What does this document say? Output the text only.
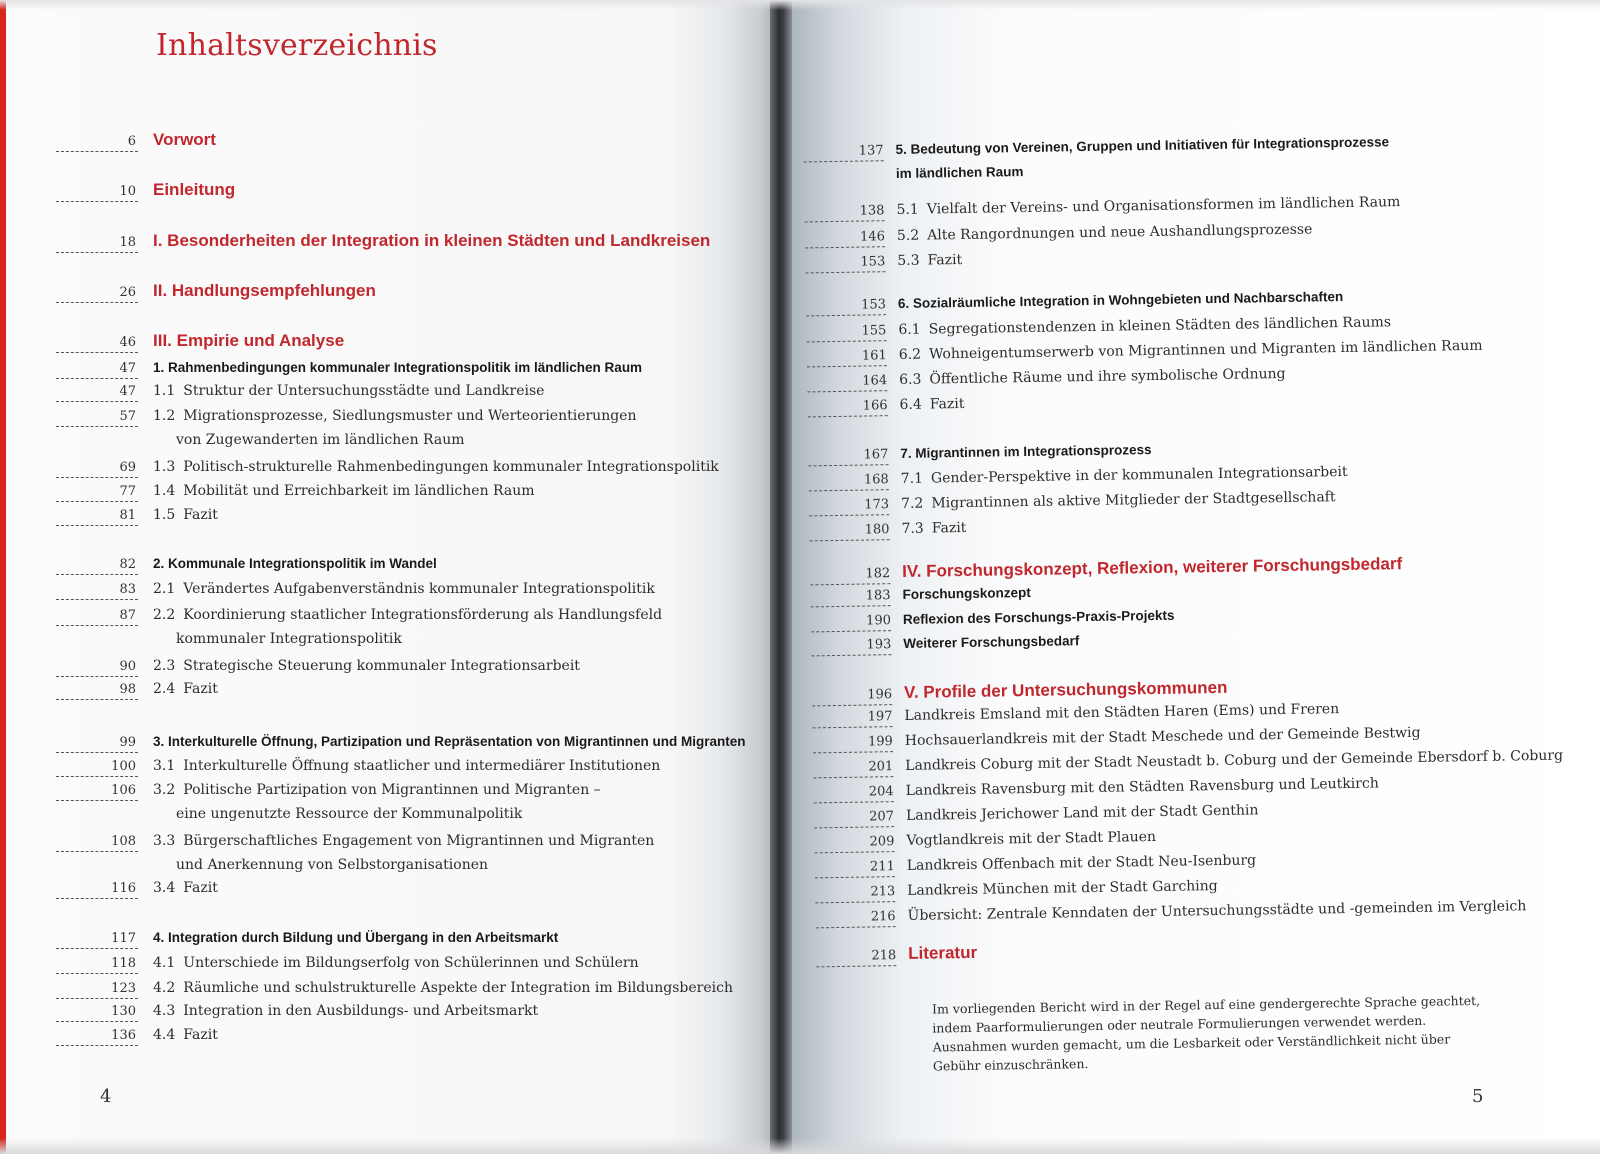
Inhaltsverzeichnis
6 Vorwort
10 Einleitung
18 I. Besonderheiten der Integration in kleinen Städten und Landkreisen
26 II. Handlungsempfehlungen
46 III. Empirie und Analyse
47 1. Rahmenbedingungen kommunaler Integrationspolitik im ländlichen Raum
47 1.1 Struktur der Untersuchungsstädte und Landkreise
57 1.2 Migrationsprozesse, Siedlungsmuster und Werteorientierungen
von Zugewanderten im ländlichen Raum
69 1.3 Politisch-strukturelle Rahmenbedingungen kommunaler Integrationspolitik
77 1.4 Mobilität und Erreichbarkeit im ländlichen Raum
81 1.5 Fazit
82 2. Kommunale Integrationspolitik im Wandel
83 2.1 Verändertes Aufgabenverständnis kommunaler Integrationspolitik
87 2.2 Koordinierung staatlicher Integrationsförderung als Handlungsfeld
kommunaler Integrationspolitik
90 2.3 Strategische Steuerung kommunaler Integrationsarbeit
98 2.4 Fazit
99 3. Interkulturelle Öffnung, Partizipation und Repräsentation von Migrantinnen und Migranten
100 3.1 Interkulturelle Öffnung staatlicher und intermediärer Institutionen
106 3.2 Politische Partizipation von Migrantinnen und Migranten –
eine ungenutzte Ressource der Kommunalpolitik
108 3.3 Bürgerschaftliches Engagement von Migrantinnen und Migranten
und Anerkennung von Selbstorganisationen
116 3.4 Fazit
117 4. Integration durch Bildung und Übergang in den Arbeitsmarkt
118 4.1 Unterschiede im Bildungserfolg von Schülerinnen und Schülern
123 4.2 Räumliche und schulstrukturelle Aspekte der Integration im Bildungsbereich
130 4.3 Integration in den Ausbildungs- und Arbeitsmarkt
136 4.4 Fazit
137 5. Bedeutung von Vereinen, Gruppen und Initiativen für Integrationsprozesse
im ländlichen Raum
138 5.1 Vielfalt der Vereins- und Organisationsformen im ländlichen Raum
146 5.2 Alte Rangordnungen und neue Aushandlungsprozesse
153 5.3 Fazit
153 6. Sozialräumliche Integration in Wohngebieten und Nachbarschaften
155 6.1 Segregationstendenzen in kleinen Städten des ländlichen Raums
161 6.2 Wohneigentumserwerb von Migrantinnen und Migranten im ländlichen Raum
164 6.3 Öffentliche Räume und ihre symbolische Ordnung
166 6.4 Fazit
167 7. Migrantinnen im Integrationsprozess
168 7.1 Gender-Perspektive in der kommunalen Integrationsarbeit
173 7.2 Migrantinnen als aktive Mitglieder der Stadtgesellschaft
180 7.3 Fazit
182 IV. Forschungskonzept, Reflexion, weiterer Forschungsbedarf
183 Forschungskonzept
190 Reflexion des Forschungs-Praxis-Projekts
193 Weiterer Forschungsbedarf
196 V. Profile der Untersuchungskommunen
197 Landkreis Emsland mit den Städten Haren (Ems) und Freren
199 Hochsauerlandkreis mit der Stadt Meschede und der Gemeinde Bestwig
201 Landkreis Coburg mit der Stadt Neustadt b. Coburg und der Gemeinde Ebersdorf b. Coburg
204 Landkreis Ravensburg mit den Städten Ravensburg und Leutkirch
207 Landkreis Jerichower Land mit der Stadt Genthin
209 Vogtlandkreis mit der Stadt Plauen
211 Landkreis Offenbach mit der Stadt Neu-Isenburg
213 Landkreis München mit der Stadt Garching
216 Übersicht: Zentrale Kenndaten der Untersuchungsstädte und -gemeinden im Vergleich
218 Literatur
Im vorliegenden Bericht wird in der Regel auf eine gendergerechte Sprache geachtet, indem Paarformulierungen oder neutrale Formulierungen verwendet werden. Ausnahmen wurden gemacht, um die Lesbarkeit oder Verständlichkeit nicht über Gebühr einzuschränken.
4	5
